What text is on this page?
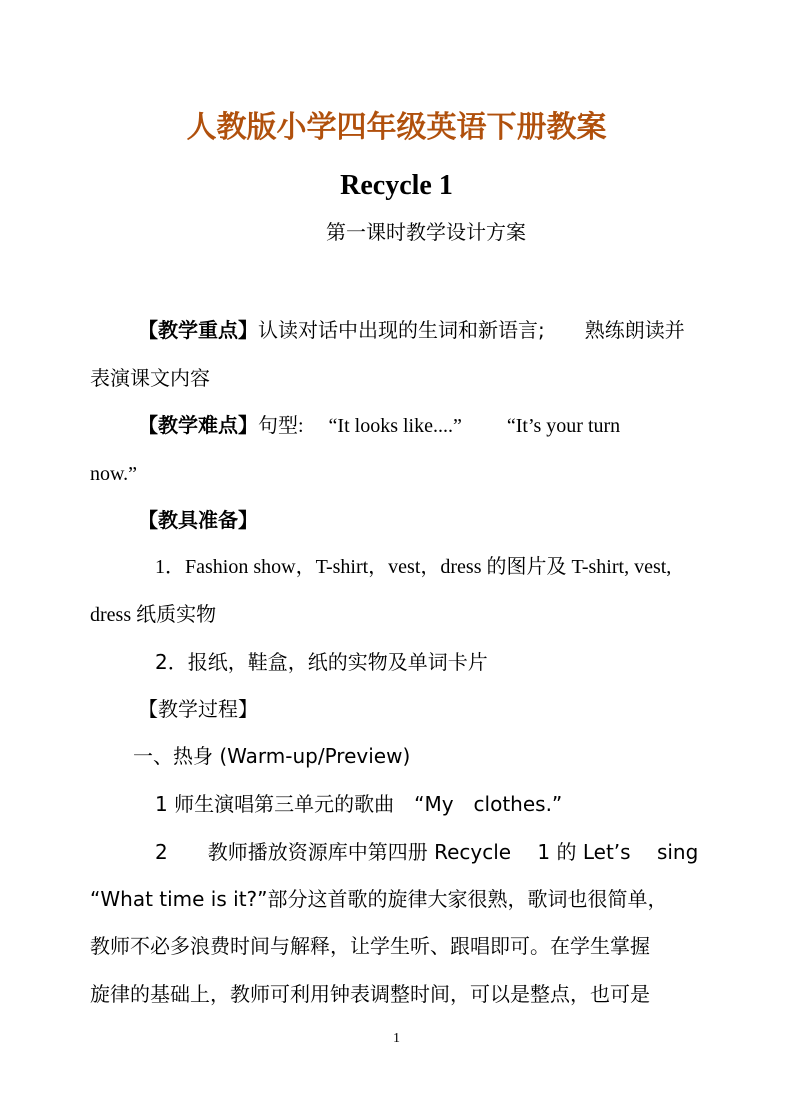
人教版小学四年级英语下册教案
Recycle 1
第一课时教学设计方案
【教学重点】认读对话中出现的生词和新语言;　　熟练朗读并
表演课文内容
【教学难点】句型:　 “It looks like....”　　 “It’s your turn
now.”
【教具准备】
1．Fashion show，T-shirt，vest，dress 的图片及 T-shirt, vest,
dress 纸质实物
2．报纸，鞋盒，纸的实物及单词卡片
【教学过程】
一、热身 (Warm-up/Preview)
1 师生演唱第三单元的歌曲　“My　clothes.”
2　　教师播放资源库中第四册 Recycle　 1 的 Let’s　 sing
“What time is it?”部分这首歌的旋律大家很熟，歌词也很简单，
教师不必多浪费时间与解释，让学生听、跟唱即可。在学生掌握
旋律的基础上，教师可利用钟表调整时间，可以是整点，也可是
1
